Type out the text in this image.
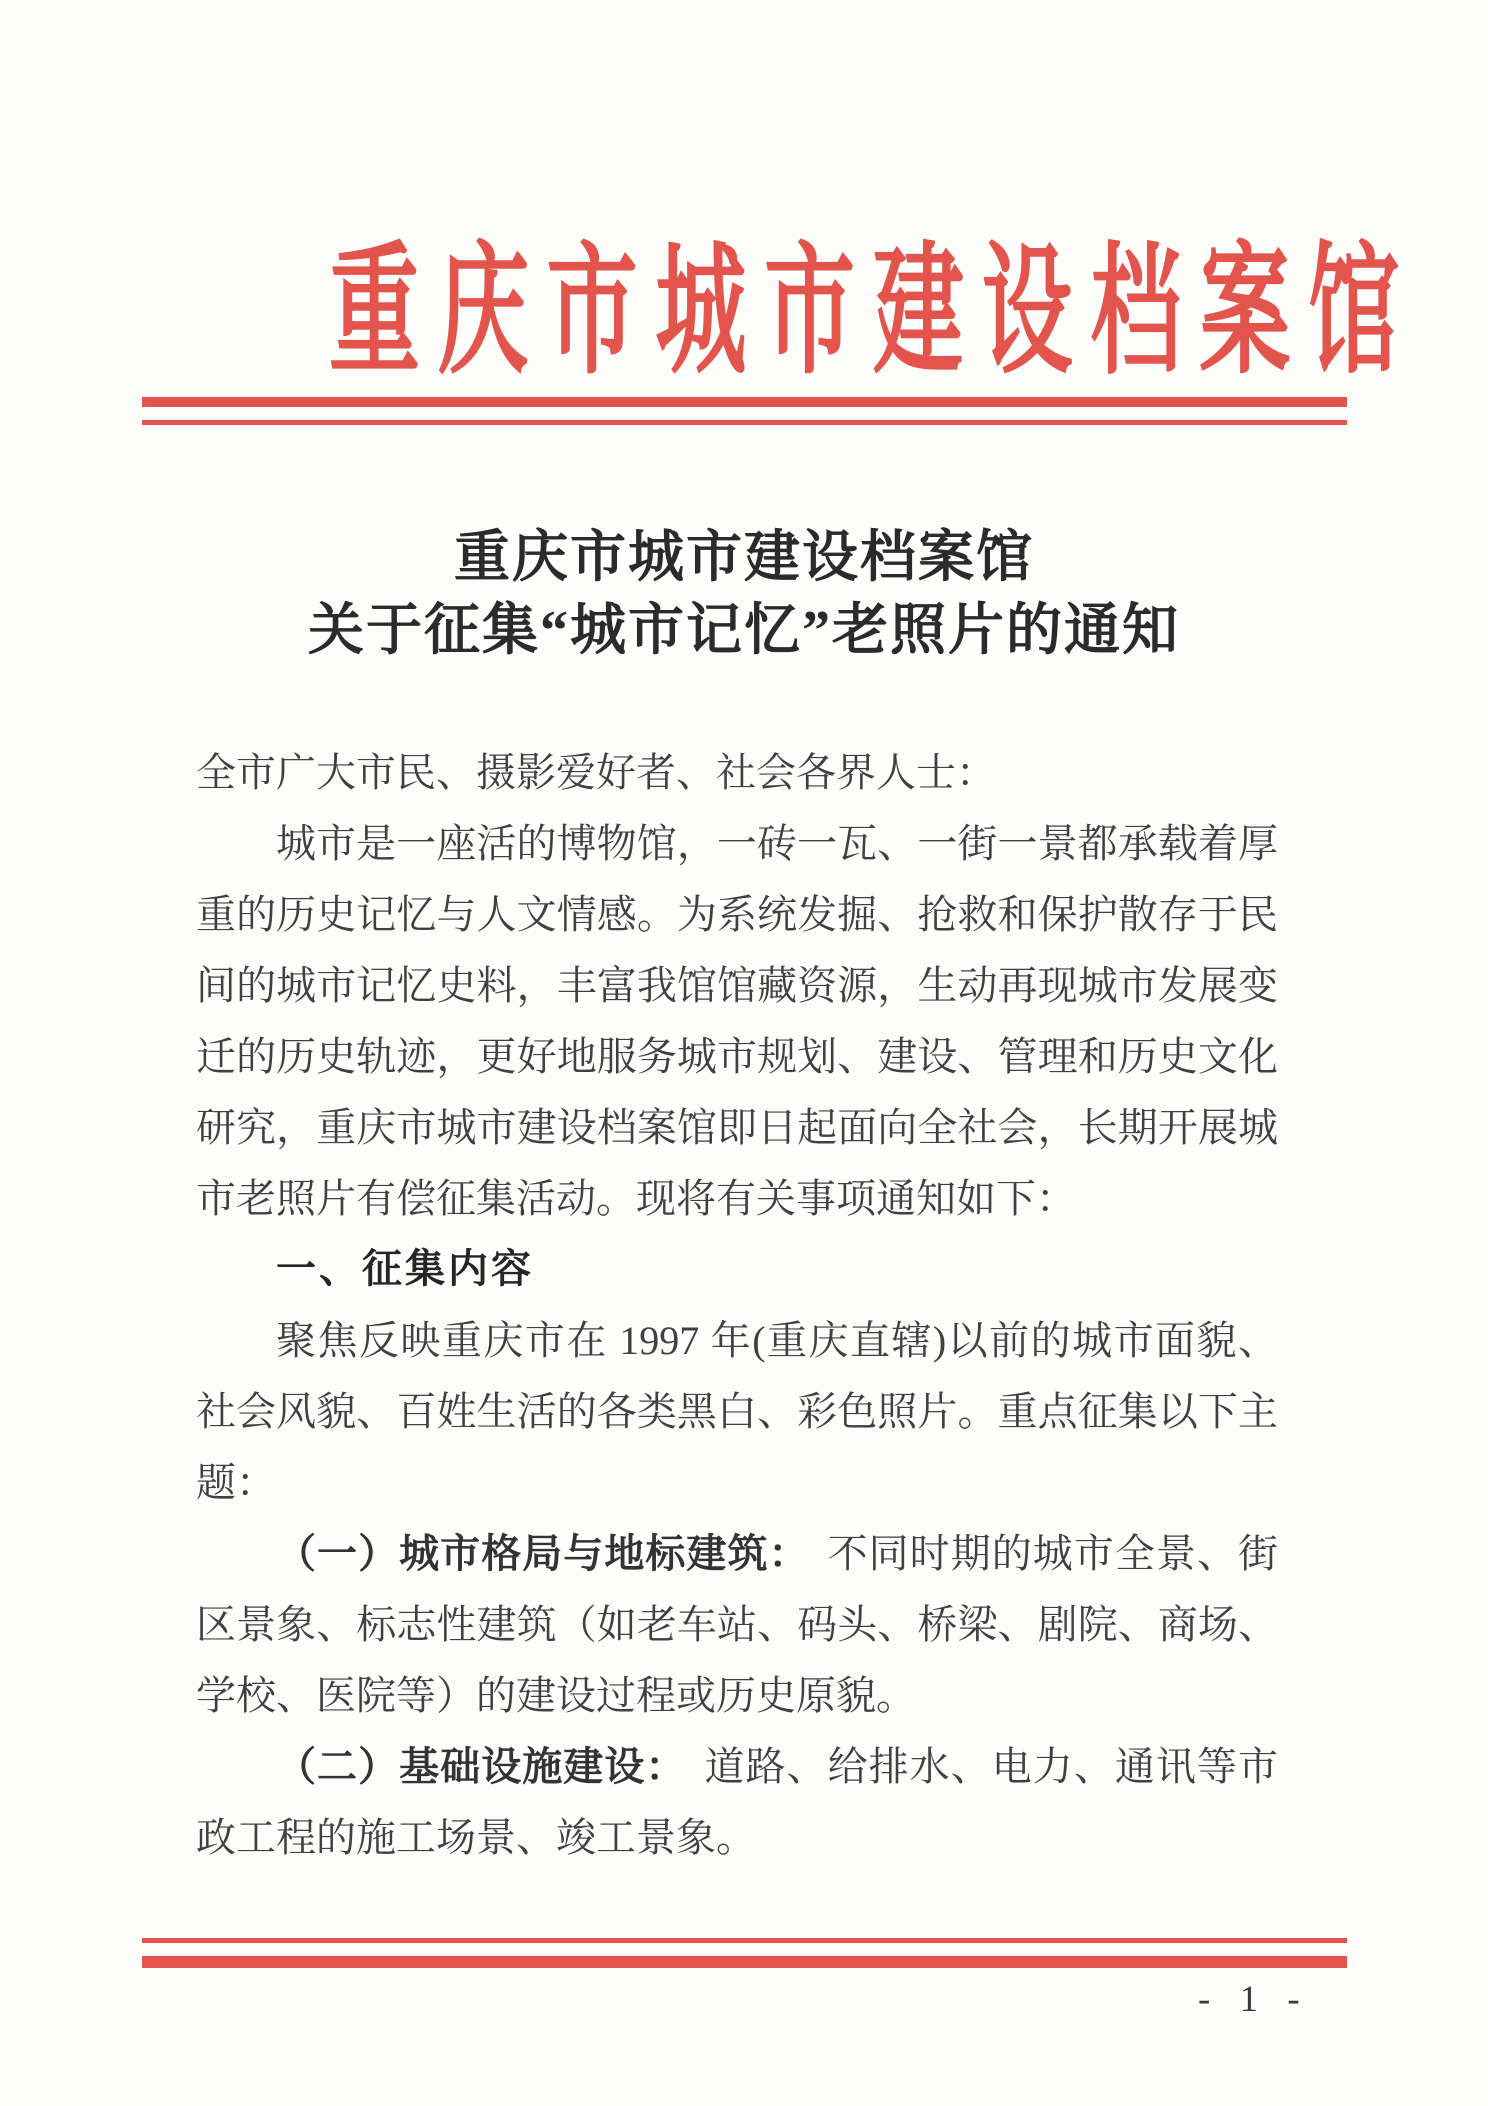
重庆市城市建设档案馆
重庆市城市建设档案馆
关于征集“城市记忆”老照片的通知

全市广大市民、摄影爱好者、社会各界人士：

城市是一座活的博物馆，一砖一瓦、一街一景都承载着厚重的历史记忆与人文情感。为系统发掘、抢救和保护散存于民间的城市记忆史料，丰富我馆馆藏资源，生动再现城市发展变迁的历史轨迹，更好地服务城市规划、建设、管理和历史文化研究，重庆市城市建设档案馆即日起面向全社会，长期开展城市老照片有偿征集活动。现将有关事项通知如下：

一、征集内容

聚焦反映重庆市在 1997 年(重庆直辖)以前的城市面貌、社会风貌、百姓生活的各类黑白、彩色照片。重点征集以下主题：

（一）城市格局与地标建筑： 不同时期的城市全景、街区景象、标志性建筑（如老车站、码头、桥梁、剧院、商场、学校、医院等）的建设过程或历史原貌。

（二）基础设施建设： 道路、给排水、电力、通讯等市政工程的施工场景、竣工景象。

- 1 -
